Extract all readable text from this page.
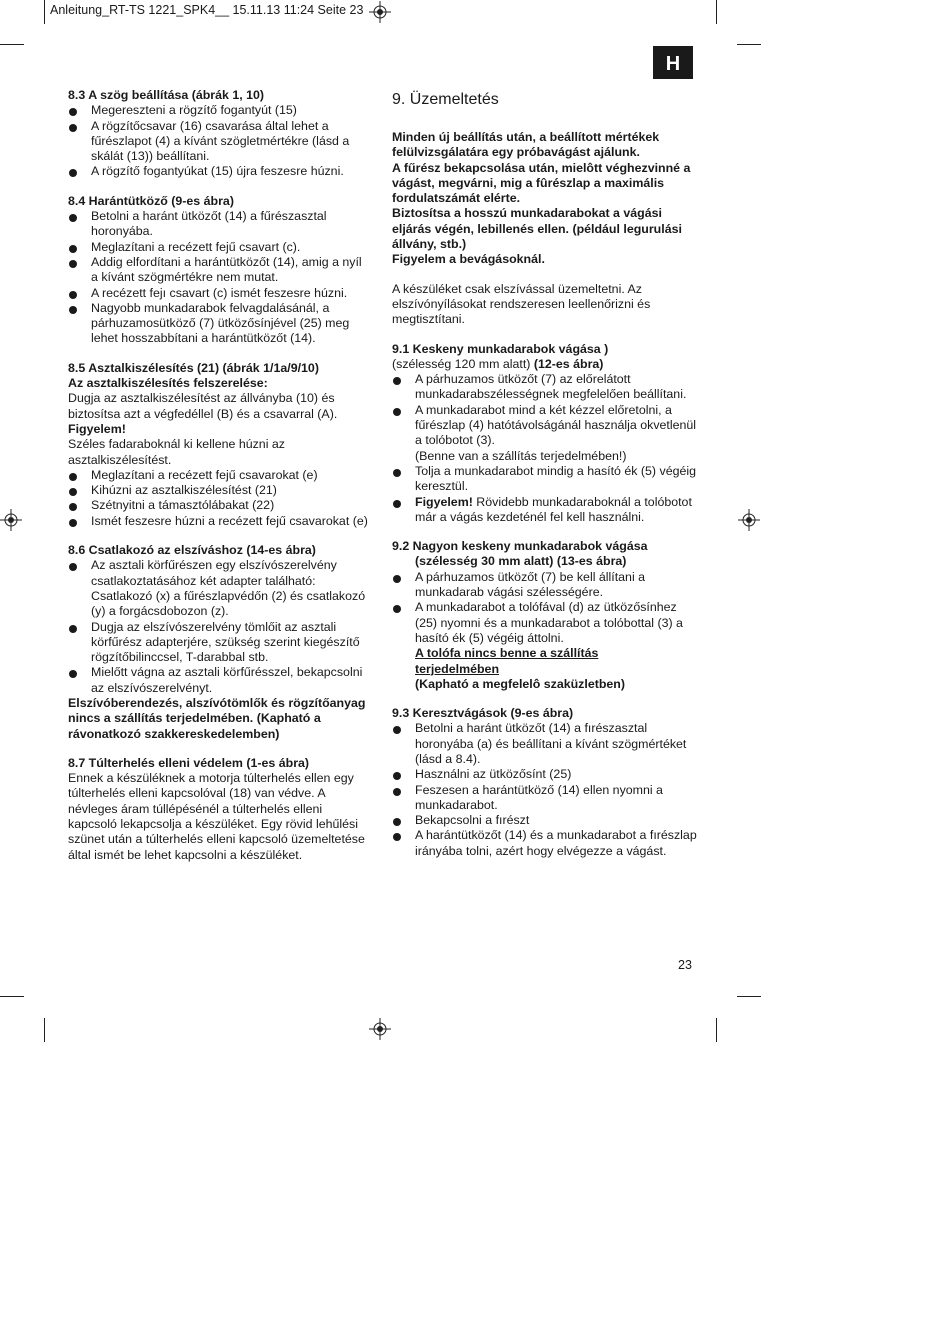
Anleitung_RT-TS 1221_SPK4__ 15.11.13 11:24 Seite 23
H
8.3 A szög beállítása (ábrák 1, 10)
Megereszteni a rögzítő fogantyút (15)
A rögzítőcsavar (16) csavarása által lehet a fűrészlapot (4) a kívánt szögletmértékre (lásd a skálát (13)) beállítani.
A rögzítő fogantyúkat (15) újra feszesre húzni.
8.4 Harántütköző (9-es ábra)
Betolni a haránt ütközőt (14) a fűrészasztal horonyába.
Meglazítani a recézett fejű csavart (c).
Addig elfordítani a harántütközőt (14), amig a nyíl a kívánt szögmértékre nem mutat.
A recézett fejı csavart (c) ismét feszesre húzni.
Nagyobb munkadarabok felvagdalásánál, a párhuzamosütköző (7) ütközősínjével (25) meg lehet hosszabbítani a harántütközőt (14).
8.5 Asztalkiszélesítés (21) (ábrák 1/1a/9/10)
Az asztalkiszélesítés felszerelése:
Dugja az asztalkiszélesítést az állványba (10) és biztosítsa azt a végfedéllel (B) és a csavarral (A).
Figyelem!
Széles fadaraboknál ki kellene húzni az asztalkiszélesítést.
Meglazítani a recézett fejű csavarokat (e)
Kihúzni az asztalkiszélesítést (21)
Szétnyitni a támasztólábakat (22)
Ismét feszesre húzni a recézett fejű csavarokat (e)
8.6 Csatlakozó az elszíváshoz (14-es ábra)
Az asztali körfűrészen egy elszívószerelvény csatlakoztatásához két adapter található: Csatlakozó (x) a fűrészlapvédőn (2) és csatlakozó (y) a forgácsdobozon (z).
Dugja az elszívószerelvény tömlőit az asztali körfűrész adapterjére, szükség szerint kiegészítő rögzítőbilinccsel, T-darabbal stb.
Mielőtt vágna az asztali körfűrésszel, bekapcsolni az elszívószerelvényt.
Elszívóberendezés, alszívótömlők és rögzítőanyag nincs a szállítás terjedelmében. (Kapható a rávonatkozó szakkereskedelemben)
8.7 Túlterhelés elleni védelem (1-es ábra)
Ennek a készüléknek a motorja túlterhelés ellen egy túlterhelés elleni kapcsolóval (18) van védve. A névleges áram túllépésénél a túlterhelés elleni kapcsoló lekapcsolja a készüléket. Egy rövid lehűlési szünet után a túlterhelés elleni kapcsoló üzemeltetése által ismét be lehet kapcsolni a készüléket.
9. Üzemeltetés
Minden új beállítás után, a beállított mértékek felülvizsgálatára egy próbavágást ajálunk.
A fűrész bekapcsolása után, mielôtt véghezvinné a vágást, megvárni, mig a fûrészlap a maximális fordulatszámát elérte.
Biztosítsa a hosszú munkadarabokat a vágási eljárás végén, lebillenés ellen. (például legurulási állvány, stb.)
Figyelem a bevágásoknál.
A készüléket csak elszívással üzemeltetni. Az elszívónyílásokat rendszeresen leellenőrizni és megtisztítani.
9.1 Keskeny munkadarabok vágása )
(szélesség 120 mm alatt) (12-es ábra)
A párhuzamos ütközőt (7) az előrelátott munkadarabszélességnek megfelelően beállítani.
A munkadarabot mind a két kézzel előretolni, a fűrészlap (4) hatótávolságánál használja okvetlenül a tolóbotot (3).
(Benne van a szállítás terjedelmében!)
Tolja a munkadarabot mindig a hasító ék (5) végéig keresztül.
Figyelem! Rövidebb munkadaraboknál a tolóbotot már a vágás kezdeténél fel kell használni.
9.2 Nagyon keskeny munkadarabok vágása
(szélesség 30 mm alatt) (13-es ábra)
A párhuzamos ütközőt (7) be kell állítani a munkadarab vágási szélességére.
A munkadarabot a tolófával (d) az ütközősínhez (25) nyomni és a munkadarabot a tolóbottal (3) a hasító ék (5) végéig áttolni.
A tolófa nincs benne a szállítás terjedelmében
(Kapható a megfelelô szaküzletben)
9.3 Keresztvágások (9-es ábra)
Betolni a haránt ütközőt (14) a fırészasztal horonyába (a) és beállítani a kívánt szögmértéket (lásd a 8.4).
Használni az ütközősínt (25)
Feszesen a harántütköző (14) ellen nyomni a munkadarabot.
Bekapcsolni a fırészt
A harántütközőt (14) és a munkadarabot a fırészlap irányába tolni, azért hogy elvégezze a vágást.
23
